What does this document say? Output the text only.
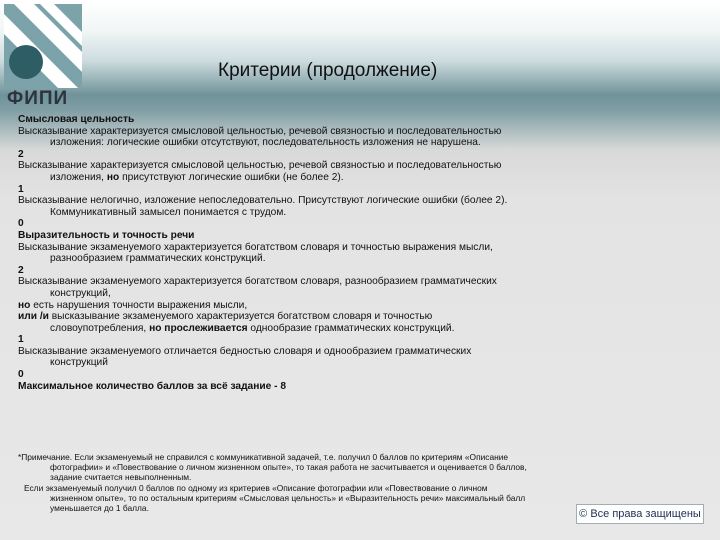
ФИПИ
Критерии (продолжение)

Смысловая цельность

Высказывание характеризуется смысловой цельностью, речевой связностью и последовательностью

изложения: логические ошибки отсутствуют, последовательность изложения не нарушена.

2

Высказывание характеризуется смысловой цельностью, речевой связностью и последовательностью

изложения, но присутствуют логические ошибки (не более 2).

1

Высказывание нелогично, изложение непоследовательно. Присутствуют логические ошибки (более 2).

Коммуникативный замысел понимается с трудом.

0

Выразительность и точность речи

Высказывание экзаменуемого характеризуется богатством словаря и точностью выражения мысли,

разнообразием грамматических конструкций.

2

Высказывание экзаменуемого характеризуется богатством словаря, разнообразием грамматических

конструкций,

но есть нарушения точности выражения мысли,

или /и высказывание экзаменуемого характеризуется богатством словаря и точностью

словоупотребления, но прослеживается однообразие грамматических конструкций.

1

Высказывание экзаменуемого отличается бедностью словаря и однообразием грамматических

конструкций

0

Максимальное количество баллов за всё задание - 8

*Примечание. Если экзаменуемый не справился с коммуникативной задачей, т.е. получил 0 баллов по критериям «Описание

фотографии» и «Повествование о личном жизненном опыте», то такая работа не засчитывается и оценивается 0 баллов,

задание считается невыполненным.

Если экзаменуемый получил 0 баллов по одному из критериев «Описание фотографии или «Повествование о личном

жизненном опыте», то по остальным критериям «Смысловая цельность» и «Выразительность речи» максимальный балл

уменьшается до 1 балла.	© Все права защищены
